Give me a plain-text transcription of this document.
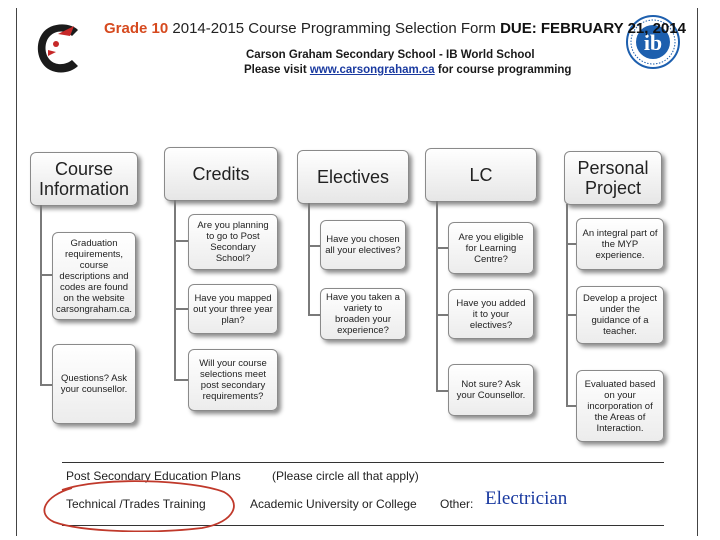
ib
Grade 10 2014-2015 Course Programming Selection Form DUE: FEBRUARY 21, 2014
Carson Graham Secondary School - IB World School
Please visit www.carsongraham.ca for course programming
Course Information
Graduation requirements, course descriptions and codes are found on the website carsongraham.ca.
Questions? Ask your counsellor.
Credits
Are you planning to go to Post Secondary School?
Have you mapped out your three year plan?
Will your course selections meet post secondary requirements?
Electives
Have you chosen all your electives?
Have you taken a variety to broaden your experience?
LC
Are you eligible for Learning Centre?
Have you added it to your electives?
Not sure? Ask your Counsellor.
Personal Project
An integral part of the MYP experience.
Develop a project under the guidance of a teacher.
Evaluated based on your incorporation of the Areas of Interaction.
Post Secondary Education Plans	(Please circle all that apply)
Technical /Trades Training	Academic University or College Other: Electrician
